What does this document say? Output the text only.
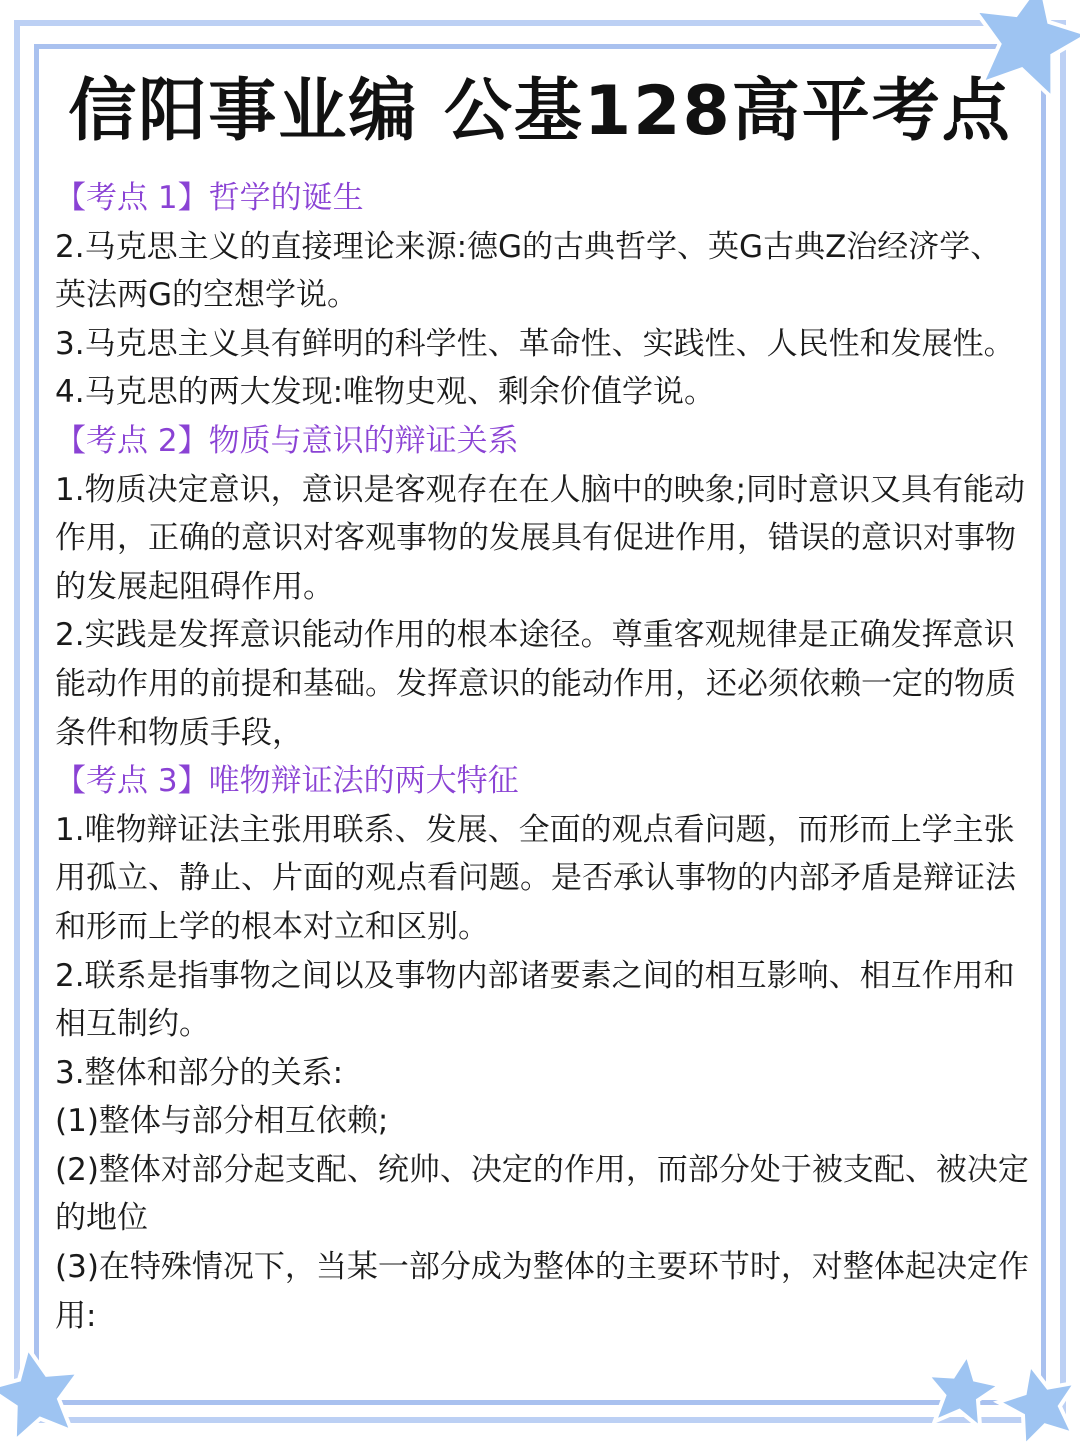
信阳事业编 公基128高平考点

【考点 1】哲学的诞生

2.马克思主义的直接理论来源:德G的古典哲学、英G古典Z治经济学、英法两G的空想学说。

3.马克思主义具有鲜明的科学性、革命性、实践性、人民性和发展性。

4.马克思的两大发现:唯物史观、剩余价值学说。

【考点 2】物质与意识的辩证关系

1.物质决定意识，意识是客观存在在人脑中的映象;同时意识又具有能动作用，正确的意识对客观事物的发展具有促进作用，错误的意识对事物的发展起阻碍作用。

2.实践是发挥意识能动作用的根本途径。尊重客观规律是正确发挥意识能动作用的前提和基础。发挥意识的能动作用，还必须依赖一定的物质条件和物质手段，

【考点 3】唯物辩证法的两大特征

1.唯物辩证法主张用联系、发展、全面的观点看问题，而形而上学主张用孤立、静止、片面的观点看问题。是否承认事物的内部矛盾是辩证法和形而上学的根本对立和区别。

2.联系是指事物之间以及事物内部诸要素之间的相互影响、相互作用和相互制约。

3.整体和部分的关系:

(1)整体与部分相互依赖;

(2)整体对部分起支配、统帅、决定的作用，而部分处于被支配、被决定的地位

(3)在特殊情况下，当某一部分成为整体的主要环节时，对整体起决定作用:
